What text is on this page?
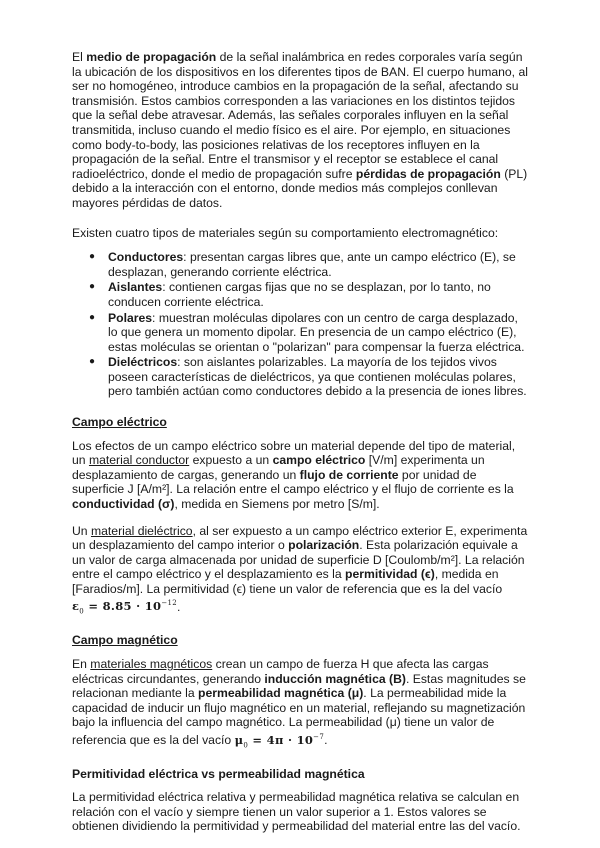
El medio de propagación de la señal inalámbrica en redes corporales varía según la ubicación de los dispositivos en los diferentes tipos de BAN. El cuerpo humano, al ser no homogéneo, introduce cambios en la propagación de la señal, afectando su transmisión. Estos cambios corresponden a las variaciones en los distintos tejidos que la señal debe atravesar. Además, las señales corporales influyen en la señal transmitida, incluso cuando el medio físico es el aire. Por ejemplo, en situaciones como body-to-body, las posiciones relativas de los receptores influyen en la propagación de la señal. Entre el transmisor y el receptor se establece el canal radioeléctrico, donde el medio de propagación sufre pérdidas de propagación (PL) debido a la interacción con el entorno, donde medios más complejos conllevan mayores pérdidas de datos.

Existen cuatro tipos de materiales según su comportamiento electromagnético:

● Conductores: presentan cargas libres que, ante un campo eléctrico (E), se desplazan, generando corriente eléctrica.
● Aislantes: contienen cargas fijas que no se desplazan, por lo tanto, no conducen corriente eléctrica.
● Polares: muestran moléculas dipolares con un centro de carga desplazado, lo que genera un momento dipolar. En presencia de un campo eléctrico (E), estas moléculas se orientan o "polarizan" para compensar la fuerza eléctrica.
● Dieléctricos: son aislantes polarizables. La mayoría de los tejidos vivos poseen características de dieléctricos, ya que contienen moléculas polares, pero también actúan como conductores debido a la presencia de iones libres.
Campo eléctrico

Los efectos de un campo eléctrico sobre un material depende del tipo de material, un material conductor expuesto a un campo eléctrico [V/m] experimenta un desplazamiento de cargas, generando un flujo de corriente por unidad de superficie J [A/m²]. La relación entre el campo eléctrico y el flujo de corriente es la conductividad (σ), medida en Siemens por metro [S/m].

Un material dieléctrico, al ser expuesto a un campo eléctrico exterior E, experimenta un desplazamiento del campo interior o polarización. Esta polarización equivale a un valor de carga almacenada por unidad de superficie D [Coulomb/m²]. La relación entre el campo eléctrico y el desplazamiento es la permitividad (ϵ), medida en [Faradios/m]. La permitividad (ϵ) tiene un valor de referencia que es la del vacío
$\varepsilon_0 = 8.85 \cdot 10^{-12}$.

Campo magnético

En materiales magnéticos crean un campo de fuerza H que afecta las cargas eléctricas circundantes, generando inducción magnética (B). Estas magnitudes se relacionan mediante la permeabilidad magnética (μ). La permeabilidad mide la capacidad de inducir un flujo magnético en un material, reflejando su magnetización bajo la influencia del campo magnético. La permeabilidad (μ) tiene un valor de referencia que es la del vacío $\mu_0 = 4\pi \cdot 10^{-7}$.

Permitividad eléctrica vs permeabilidad magnética

La permitividad eléctrica relativa y permeabilidad magnética relativa se calculan en relación con el vacío y siempre tienen un valor superior a 1. Estos valores se obtienen dividiendo la permitividad y permeabilidad del material entre las del vacío.
